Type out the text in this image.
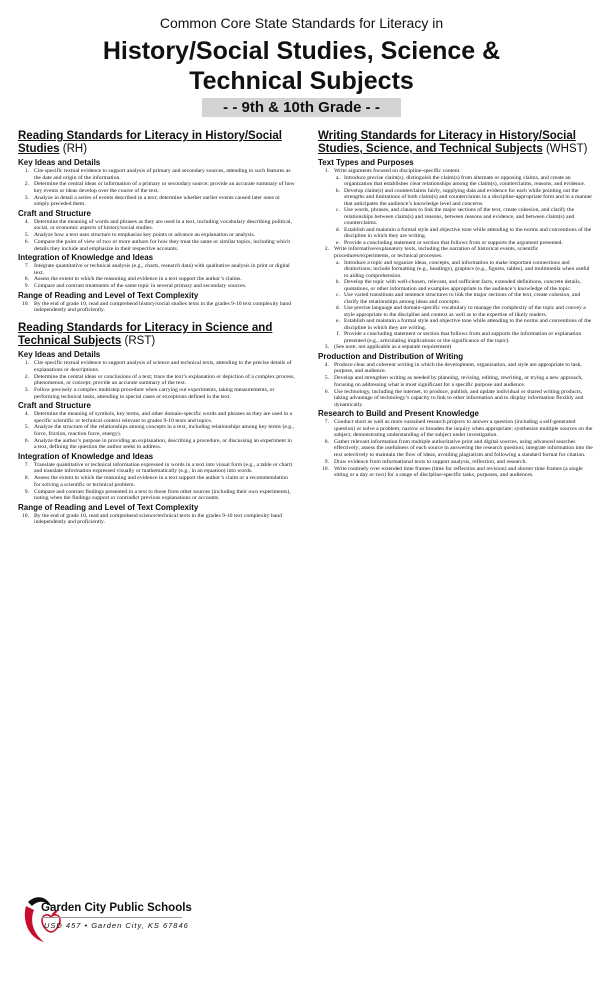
Common Core State Standards for Literacy in
History/Social Studies, Science &
Technical Subjects
- - 9th & 10th Grade - -
Reading Standards for Literacy in History/Social Studies (RH)
Key Ideas and Details
1. Cite specific textual evidence to support analysis of primary and secondary sources, attending to such features as the date and origin of the information.
2. Determine the central ideas or information of a primary or secondary source; provide an accurate summary of how key events or ideas develop over the course of the text.
3. Analyze in detail a series of events described in a text; determine whether earlier events caused later ones or simply preceded them.
Craft and Structure
4. Determine the meaning of words and phrases as they are used in a text, including vocabulary describing political, social, or economic aspects of history/social studies.
5. Analyze how a text uses structure to emphasize key points or advance an explanation or analysis.
6. Compare the point of view of two or more authors for how they treat the same or similar topics, including which details they include and emphasize in their respective accounts.
Integration of Knowledge and Ideas
7. Integrate quantitative or technical analysis (e.g., charts, research data) with qualitative analysis in print or digital text.
8. Assess the extent to which the reasoning and evidence in a text support the author’s claims.
9. Compare and contrast treatments of the same topic in several primary and secondary sources.
Range of Reading and Level of Text Complexity
10. By the end of grade 10, read and comprehend history/social studies texts in the grades 9-10 text complexity band independently and proficiently.
Reading Standards for Literacy in Science and Technical Subjects (RST)
Key Ideas and Details
1. Cite specific textual evidence to support analysis of science and technical texts, attending to the precise details of explanations or descriptions.
2. Determine the central ideas or conclusions of a text; trace the text’s explanation or depiction of a complex process, phenomenon, or concept; provide an accurate summary of the text.
3. Follow precisely a complex multistep procedure when carrying out experiments, taking measurements, or performing technical tasks, attending to special cases or exceptions defined in the text.
Craft and Structure
4. Determine the meaning of symbols, key terms, and other domain-specific words and phrases as they are used in a specific scientific or technical context relevant to grades 9-10 texts and topics.
5. Analyze the structure of the relationships among concepts in a text, including relationships among key terms (e.g., force, friction, reaction force, energy).
6. Analyze the author’s purpose in providing an explanation, describing a procedure, or discussing an experiment in a text, defining the question the author seeks to address.
Integration of Knowledge and Ideas
7. Translate quantitative or technical information expressed in words in a text into visual form (e.g., a table or chart) and translate information expressed visually or mathematically (e.g., in an equation) into words.
8. Assess the extent to which the reasoning and evidence in a text support the author’s claim or a recommendation for solving a scientific or technical problem.
9. Compare and contrast findings presented in a text to those from other sources (including their own experiments), noting when the findings support or contradict previous explanations or accounts.
Range of Reading and Level of Text Complexity
10. By the end of grade 10, read and comprehend science/technical texts in the grades 9-10 text complexity band independently and proficiently.
Writing Standards for Literacy in History/Social Studies, Science, and Technical Subjects (WHST)
Text Types and Purposes
1. Write arguments focused on discipline-specific content.
a. Introduce precise claim(s), distinguish the claim(s) from alternate or opposing claims, and create an organization that establishes clear relationships among the claim(s), counterclaims, reasons, and evidence.
b. Develop claim(s) and counterclaims fairly, supplying data and evidence for each while pointing out the strengths and limitations of both claim(s) and counterclaims in a discipline-appropriate form and in a manner that anticipates the audience’s knowledge level and concerns.
c. Use words, phrases, and clauses to link the major sections of the text, create cohesion, and clarify the relationships between claim(s) and reasons, between reasons and evidence, and between claim(s) and counterclaims.
d. Establish and maintain a formal style and objective tone while attending to the norms and conventions of the discipline in which they are writing.
e. Provide a concluding statement or section that follows from or supports the argument presented.
2. Write informative/explanatory texts, including the narration of historical events, scientific procedures/experiments, or technical processes.
a. Introduce a topic and organize ideas, concepts, and information to make important connections and distinctions; include formatting (e.g., headings), graphics (e.g., figures, tables), and multimedia when useful to aiding comprehension.
b. Develop the topic with well-chosen, relevant, and sufficient facts, extended definitions, concrete details, quotations, or other information and examples appropriate to the audience’s knowledge of the topic.
c. Use varied transitions and sentence structures to link the major sections of the text, create cohesion, and clarify the relationships among ideas and concepts.
d. Use precise language and domain-specific vocabulary to manage the complexity of the topic and convey a style appropriate to the discipline and context as well as to the expertise of likely readers.
e. Establish and maintain a formal style and objective tone while attending to the norms and conventions of the discipline in which they are writing.
f. Provide a concluding statement or section that follows from and supports the information or explanation presented (e.g., articulating implications or the significance of the topic).
3. (See note; not applicable as a separate requirement)
Production and Distribution of Writing
4. Produce clear and coherent writing in which the development, organization, and style are appropriate to task, purpose, and audience.
5. Develop and strengthen writing as needed by planning, revising, editing, rewriting, or trying a new approach, focusing on addressing what is most significant for a specific purpose and audience.
6. Use technology, including the internet, to produce, publish, and update individual or shared writing products, taking advantage of technology’s capacity to link to other information and to display information flexibly and dynamically.
Research to Build and Present Knowledge
7. Conduct short as well as more sustained research projects to answer a question (including a self-generated question) or solve a problem; narrow or broaden the inquiry when appropriate; synthesize multiple sources on the subject, demonstrating understanding of the subject under investigation.
8. Gather relevant information from multiple authoritative print and digital sources, using advanced searches effectively; assess the usefulness of each source in answering the research question; integrate information into the text selectively to maintain the flow of ideas, avoiding plagiarism and following a standard format for citation.
9. Draw evidence from informational texts to support analysis, reflection, and research.
10. Write routinely over extended time frames (time for reflection and revision) and shorter time frames (a single sitting or a day or two) for a range of discipline-specific tasks, purposes, and audiences.
Garden City Public Schools
USD 457 • Garden City, KS 67846
